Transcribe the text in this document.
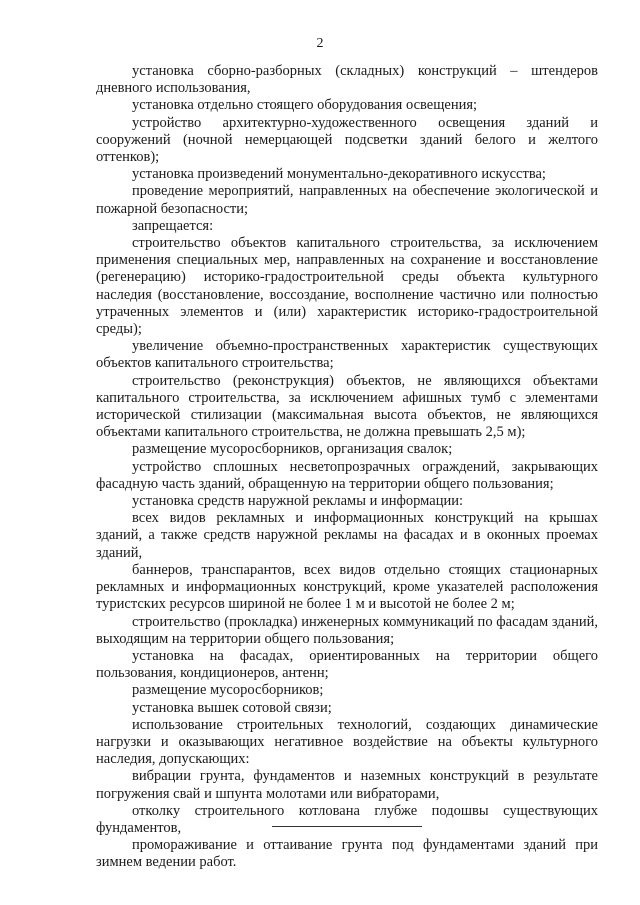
2

установка сборно-разборных (складных) конструкций – штендеров дневного использования,

установка отдельно стоящего оборудования освещения;

устройство архитектурно-художественного освещения зданий и сооружений (ночной немерцающей подсветки зданий белого и желтого оттенков);

установка произведений монументально-декоративного искусства;

проведение мероприятий, направленных на обеспечение экологической и пожарной безопасности;

запрещается:

строительство объектов капитального строительства, за исключением применения специальных мер, направленных на сохранение и восстановление (регенерацию) историко-градостроительной среды объекта культурного наследия (восстановление, воссоздание, восполнение частично или полностью утраченных элементов и (или) характеристик историко-градостроительной среды);

увеличение объемно-пространственных характеристик существующих объектов капитального строительства;

строительство (реконструкция) объектов, не являющихся объектами капитального строительства, за исключением афишных тумб с элементами исторической стилизации (максимальная высота объектов, не являющихся объектами капитального строительства, не должна превышать 2,5 м);

размещение мусоросборников, организация свалок;

устройство сплошных несветопрозрачных ограждений, закрывающих фасадную часть зданий, обращенную на территории общего пользования;

установка средств наружной рекламы и информации:

всех видов рекламных и информационных конструкций на крышах зданий, а также средств наружной рекламы на фасадах и в оконных проемах зданий,

баннеров, транспарантов, всех видов отдельно стоящих стационарных рекламных и информационных конструкций, кроме указателей расположения туристских ресурсов шириной не более 1 м и высотой не более 2 м;

строительство (прокладка) инженерных коммуникаций по фасадам зданий, выходящим на территории общего пользования;

установка на фасадах, ориентированных на территории общего пользования, кондиционеров, антенн;

размещение мусоросборников;

установка вышек сотовой связи;

использование строительных технологий, создающих динамические нагрузки и оказывающих негативное воздействие на объекты культурного наследия, допускающих:

вибрации грунта, фундаментов и наземных конструкций в результате погружения свай и шпунта молотами или вибраторами,

отколку строительного котлована глубже подошвы существующих фундаментов,

промораживание и оттаивание грунта под фундаментами зданий при зимнем ведении работ.
